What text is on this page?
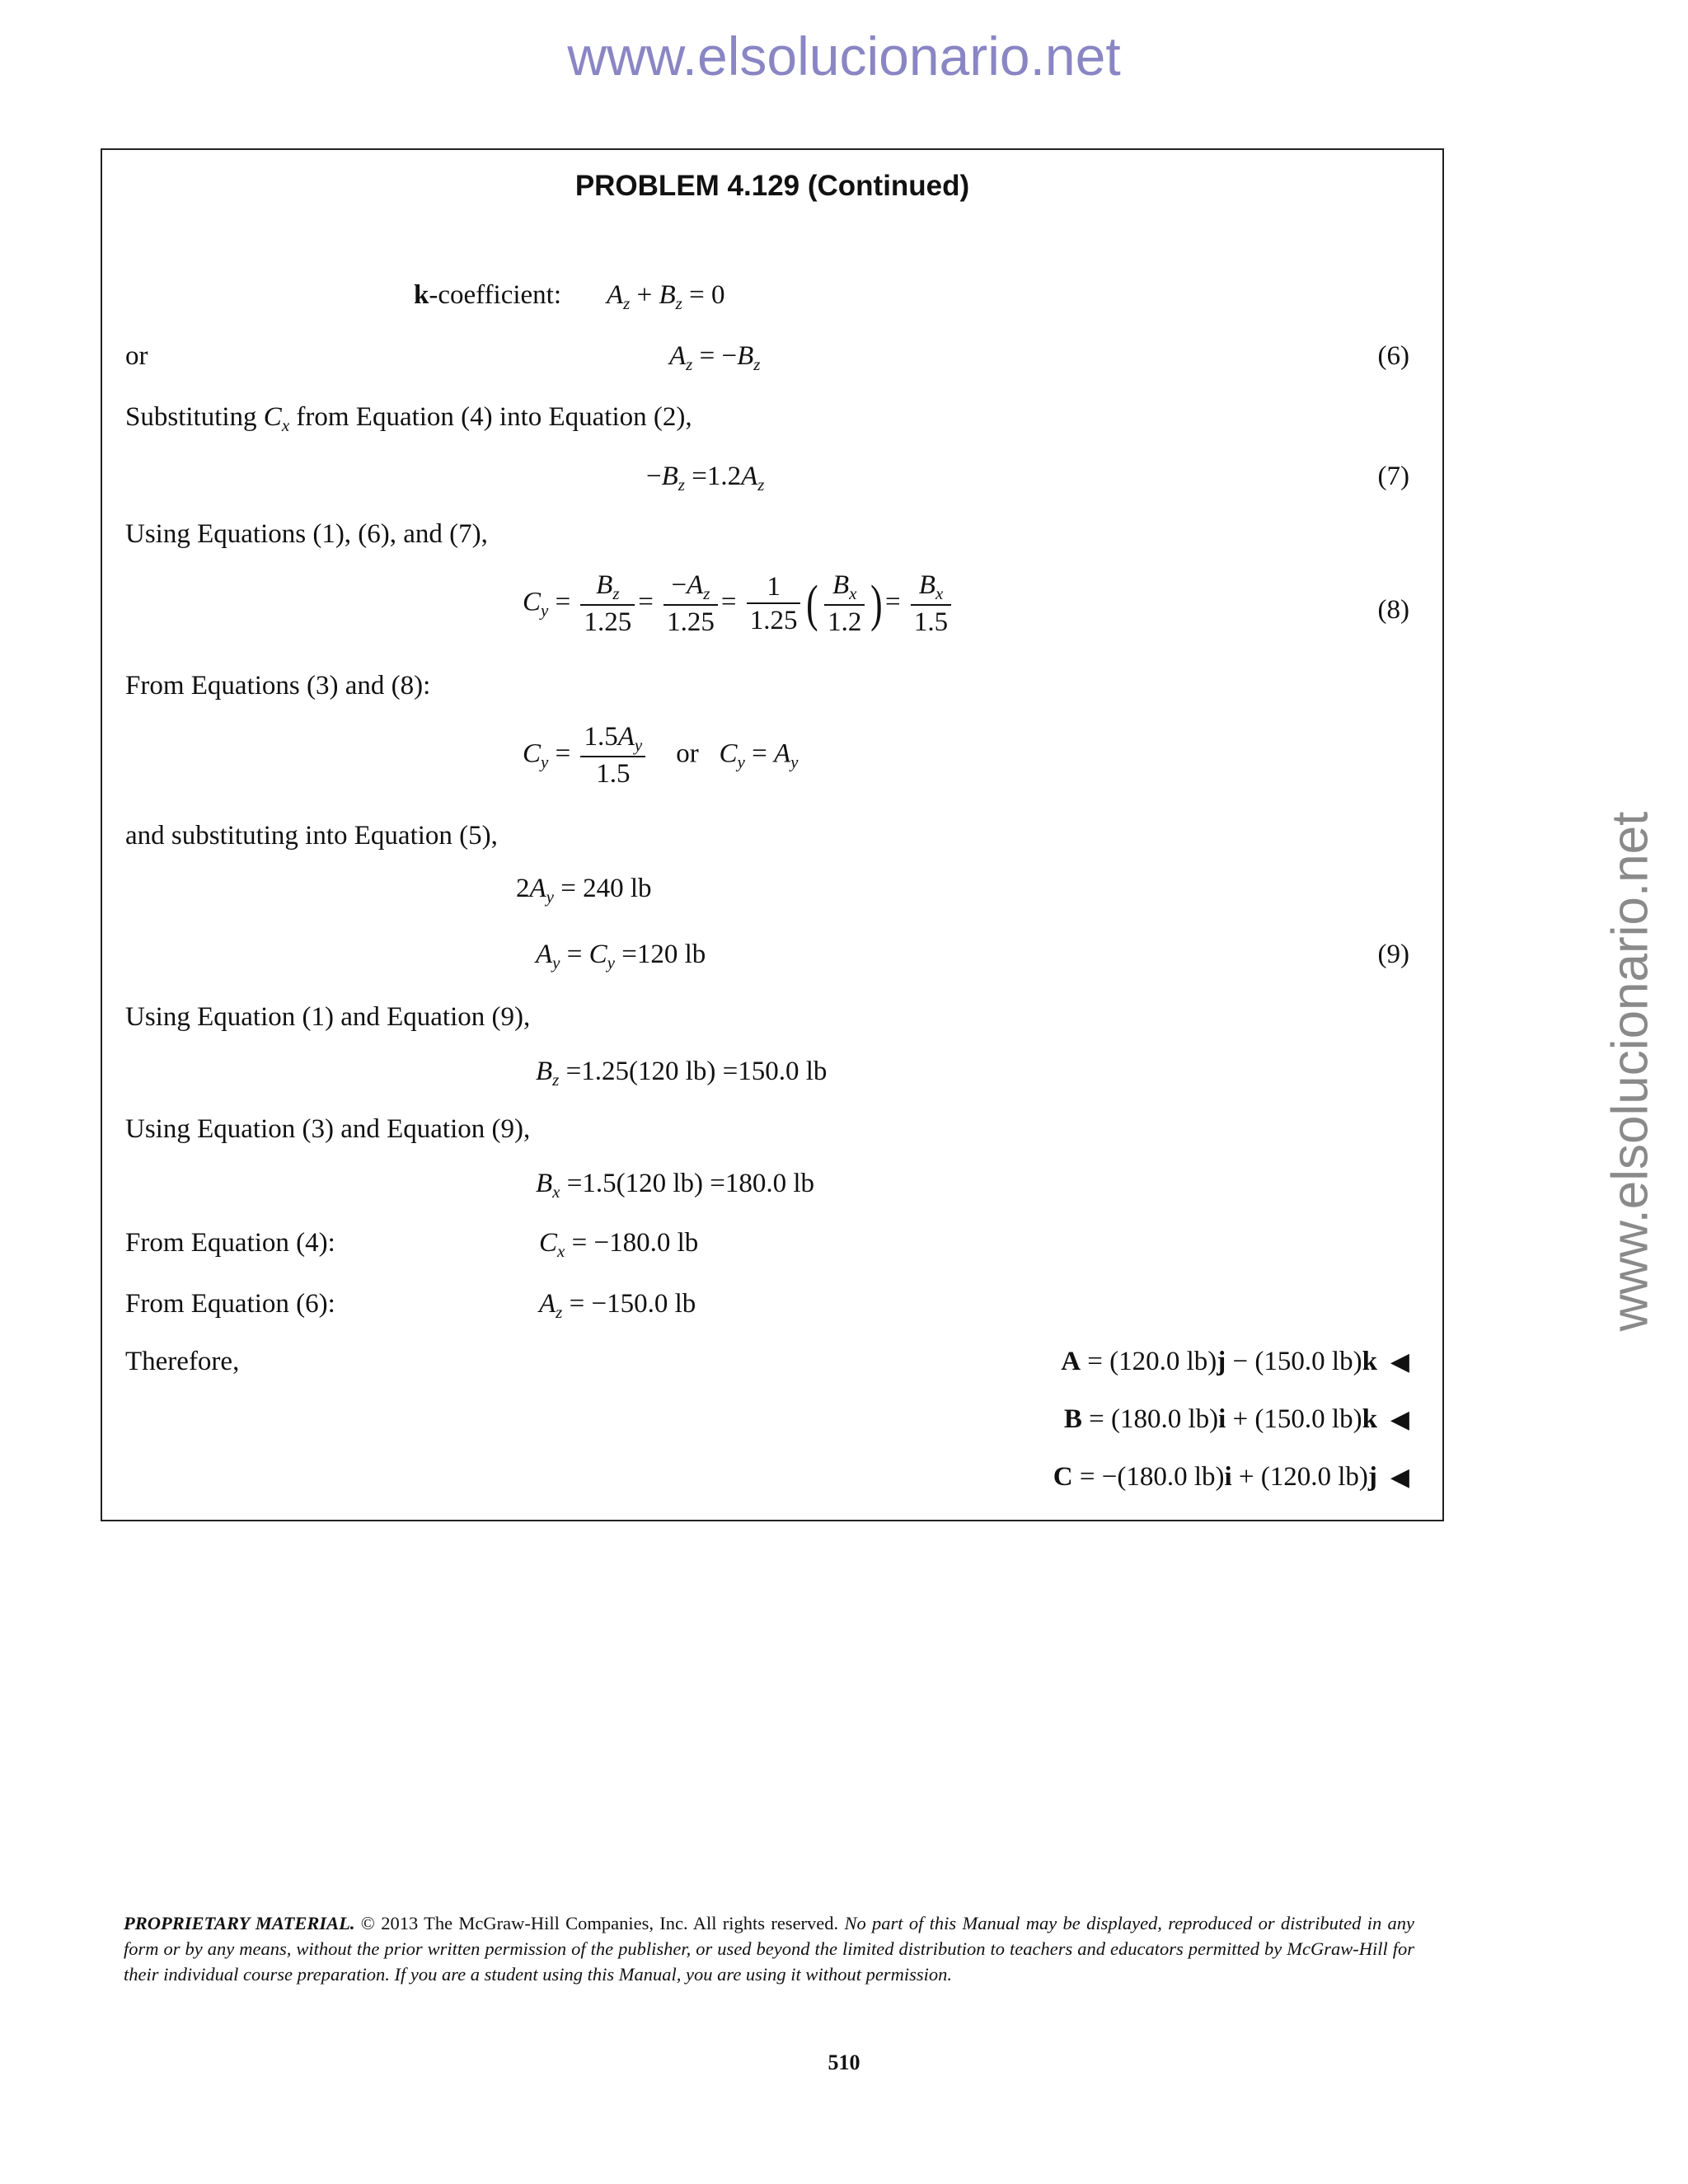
www.elsolucionario.net
www.elsolucionario.net
PROBLEM 4.129 (Continued)
k-coefficient: $A_z + B_z = 0$
or	$A_z = -B_z$	(6)
Substituting $C_x$ from Equation (4) into Equation (2),
$-B_z =1.2A_z$	(7)
Using Equations (1), (6), and (7),
$C_y = \frac{B_z}{1.25} = \frac{-A_z}{1.25} = \frac{1}{1.25}$ ( $\frac{B_x}{1.2}$ )= $\frac{B_x}{1.5}$	(8)
From Equations (3) and (8):
$C_y = \frac{1.5A_y}{1.5}$ or $C_y = A_y$
and substituting into Equation (5),
$2A_y = 240$ lb
$A_y = C_y =120$ lb	(9)
Using Equation (1) and Equation (9),
$B_z =1.25(120$ lb) =150.0 lb
Using Equation (3) and Equation (9),
$B_x =1.5(120$ lb) =180.0 lb
From Equation (4):	$C_x = -180.0$ lb
From Equation (6):	$A_z = -150.0$ lb
Therefore,	A = (120.0 lb)j − (150.0 lb)k ◀
B = (180.0 lb)i + (150.0 lb)k ◀
C = −(180.0 lb)i + (120.0 lb)j ◀
PROPRIETARY MATERIAL. © 2013 The McGraw-Hill Companies, Inc. All rights reserved. No part of this Manual may be displayed, reproduced or distributed in any form or by any means, without the prior written permission of the publisher, or used beyond the limited distribution to teachers and educators permitted by McGraw-Hill for their individual course preparation. If you are a student using this Manual, you are using it without permission.
510
